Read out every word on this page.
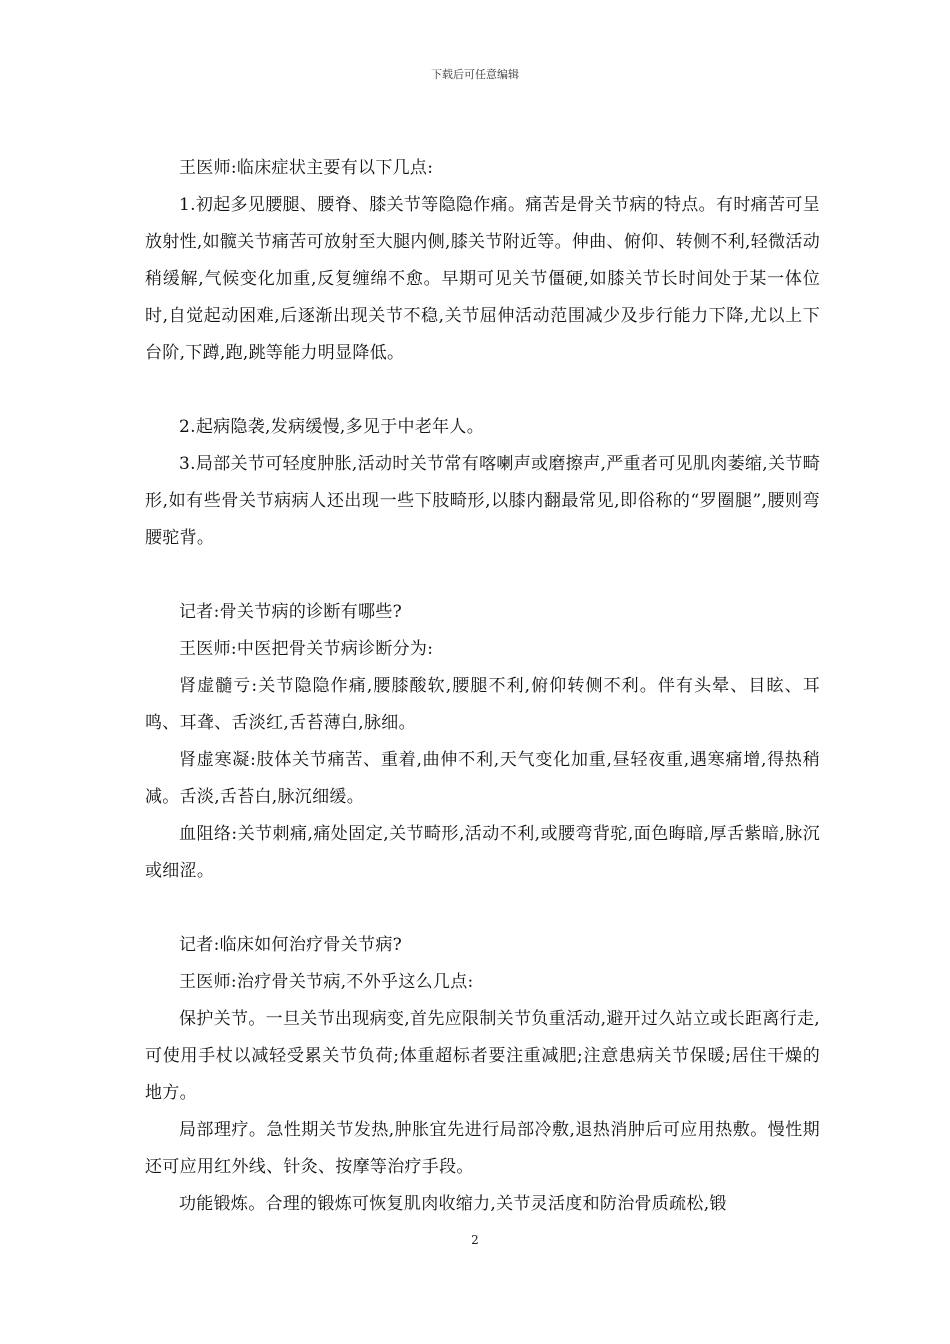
下载后可任意编辑

王医师:临床症状主要有以下几点:

1.初起多见腰腿、腰脊、膝关节等隐隐作痛。痛苦是骨关节病的特点。有时痛苦可呈放射性,如髋关节痛苦可放射至大腿内侧,膝关节附近等。伸曲、俯仰、转侧不利,轻微活动稍缓解,气候变化加重,反复缠绵不愈。早期可见关节僵硬,如膝关节长时间处于某一体位时,自觉起动困难,后逐渐出现关节不稳,关节屈伸活动范围减少及步行能力下降,尤以上下台阶,下蹲,跑,跳等能力明显降低。

2.起病隐袭,发病缓慢,多见于中老年人。

3.局部关节可轻度肿胀,活动时关节常有喀喇声或磨擦声,严重者可见肌肉萎缩,关节畸形,如有些骨关节病病人还出现一些下肢畸形,以膝内翻最常见,即俗称的“罗圈腿”,腰则弯腰驼背。

记者:骨关节病的诊断有哪些?

王医师:中医把骨关节病诊断分为:

肾虚髓亏:关节隐隐作痛,腰膝酸软,腰腿不利,俯仰转侧不利。伴有头晕、目眩、耳鸣、耳聋、舌淡红,舌苔薄白,脉细。

肾虚寒凝:肢体关节痛苦、重着,曲伸不利,天气变化加重,昼轻夜重,遇寒痛增,得热稍减。舌淡,舌苔白,脉沉细缓。

血阻络:关节刺痛,痛处固定,关节畸形,活动不利,或腰弯背驼,面色晦暗,厚舌紫暗,脉沉或细涩。

记者:临床如何治疗骨关节病?

王医师:治疗骨关节病,不外乎这么几点:

保护关节。一旦关节出现病变,首先应限制关节负重活动,避开过久站立或长距离行走,可使用手杖以减轻受累关节负荷;体重超标者要注重减肥;注意患病关节保暖;居住干燥的地方。

局部理疗。急性期关节发热,肿胀宜先进行局部冷敷,退热消肿后可应用热敷。慢性期还可应用红外线、针灸、按摩等治疗手段。

功能锻炼。合理的锻炼可恢复肌肉收缩力,关节灵活度和防治骨质疏松,锻

2
